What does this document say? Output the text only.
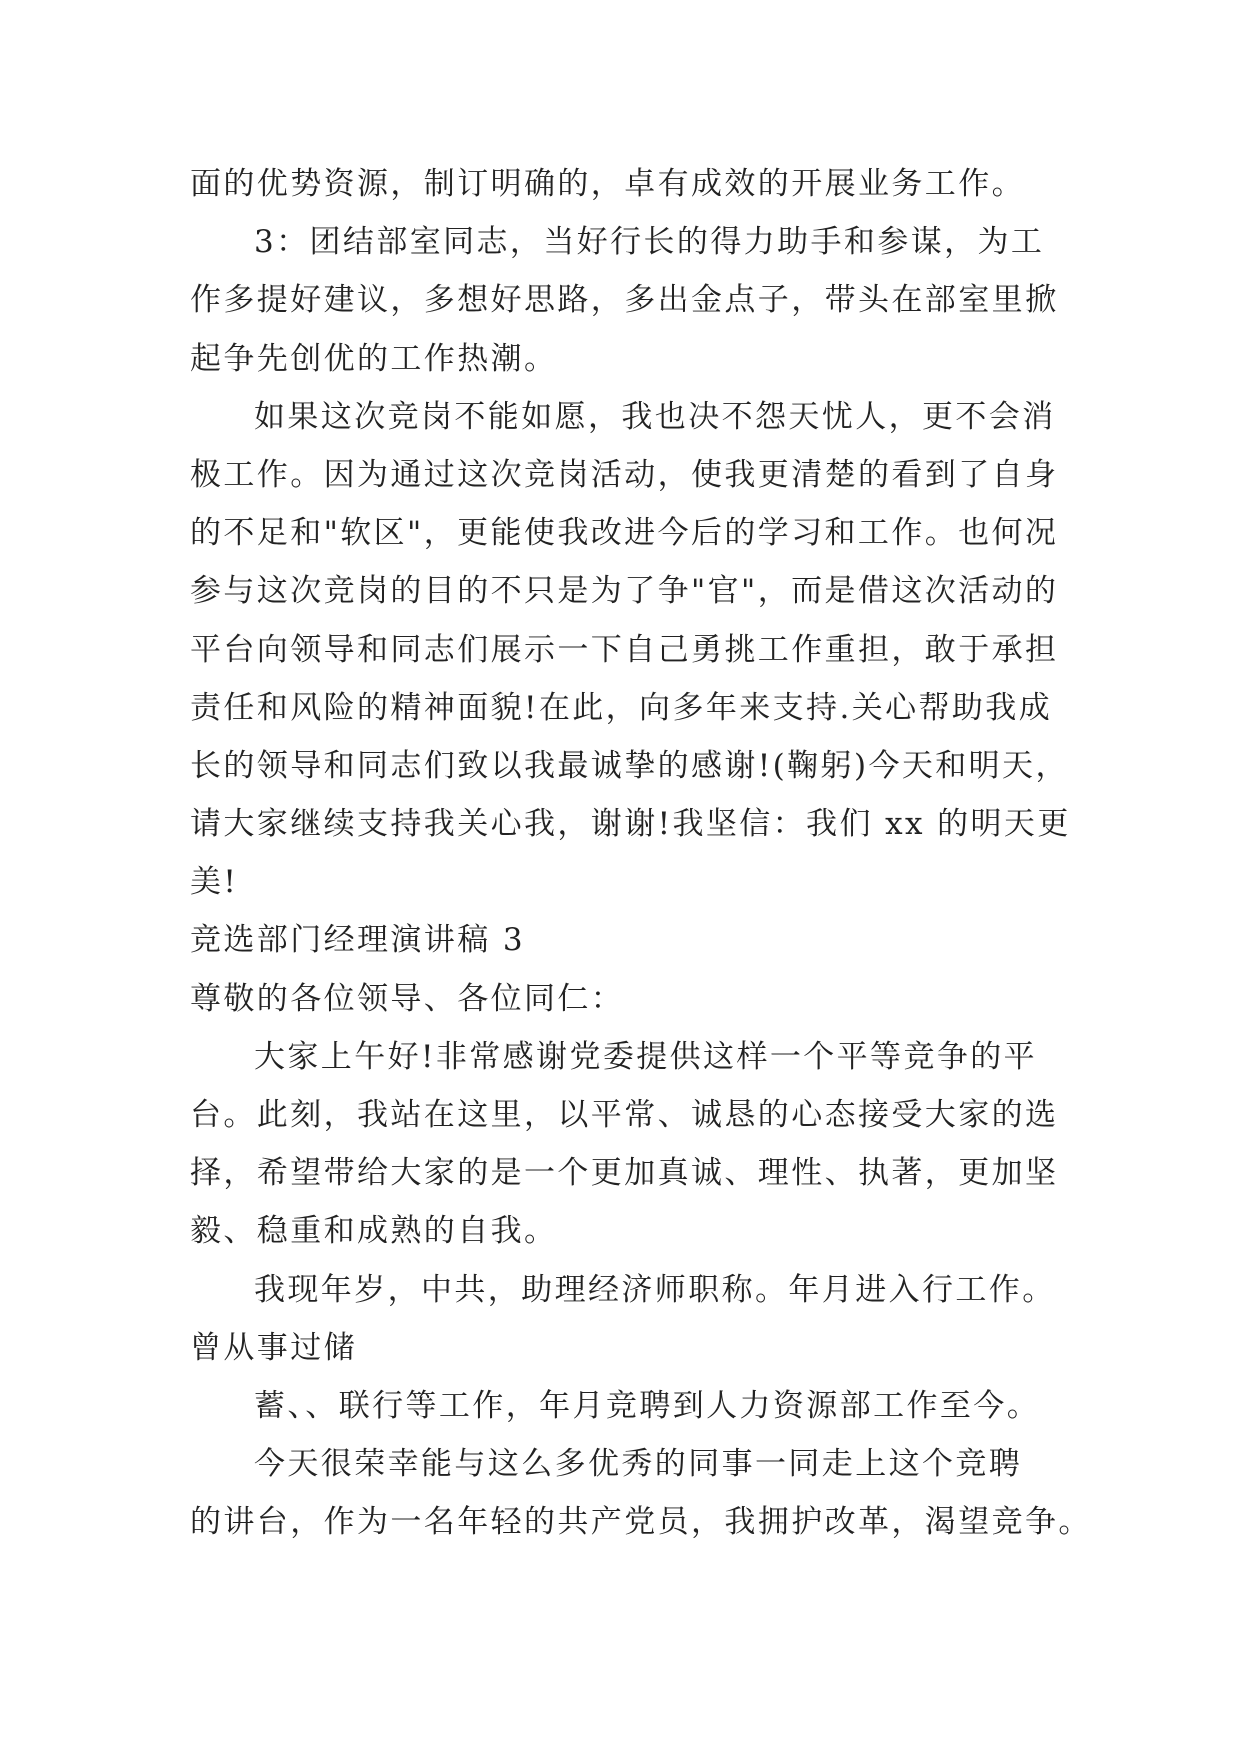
面的优势资源，制订明确的，卓有成效的开展业务工作。
3：团结部室同志，当好行长的得力助手和参谋，为工
作多提好建议，多想好思路，多出金点子，带头在部室里掀
起争先创优的工作热潮。
如果这次竞岗不能如愿，我也决不怨天忧人，更不会消
极工作。因为通过这次竞岗活动，使我更清楚的看到了自身
的不足和"软区"，更能使我改进今后的学习和工作。也何况
参与这次竞岗的目的不只是为了争"官"，而是借这次活动的
平台向领导和同志们展示一下自己勇挑工作重担，敢于承担
责任和风险的精神面貌!在此，向多年来支持.关心帮助我成
长的领导和同志们致以我最诚挚的感谢!(鞠躬)今天和明天，
请大家继续支持我关心我，谢谢!我坚信：我们 xx 的明天更
美!
竞选部门经理演讲稿 3
尊敬的各位领导、各位同仁：
大家上午好!非常感谢党委提供这样一个平等竞争的平
台。此刻，我站在这里，以平常、诚恳的心态接受大家的选
择，希望带给大家的是一个更加真诚、理性、执著，更加坚
毅、稳重和成熟的自我。
我现年岁，中共，助理经济师职称。年月进入行工作。
曾从事过储
蓄、、联行等工作，年月竞聘到人力资源部工作至今。
今天很荣幸能与这么多优秀的同事一同走上这个竞聘
的讲台，作为一名年轻的共产党员，我拥护改革，渴望竞争。
